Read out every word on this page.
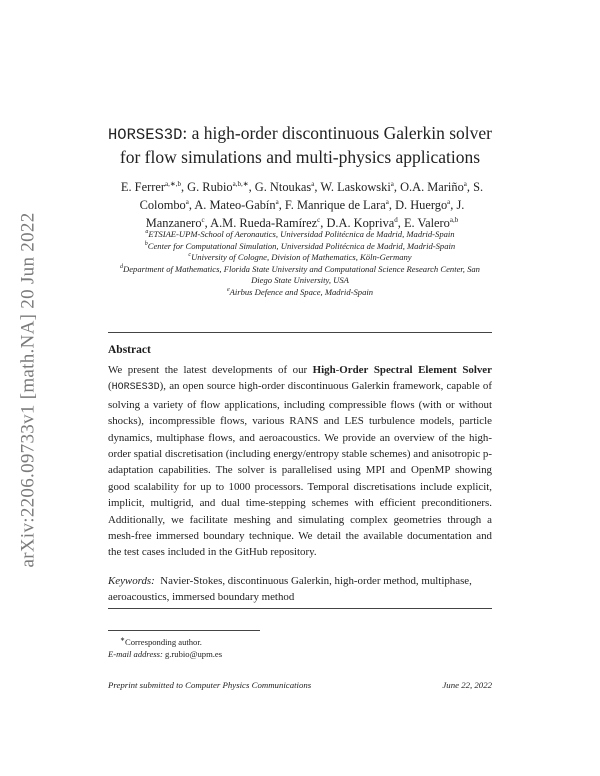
arXiv:2206.09733v1 [math.NA] 20 Jun 2022
HORSES3D: a high-order discontinuous Galerkin solver
for flow simulations and multi-physics applications
E. Ferrer$^{a,∗,b}$, G. Rubio$^{a,b,∗}$, G. Ntoukas$^a$, W. Laskowski$^a$, O.A. Mariño$^a$, S. Colombo$^a$, A. Mateo-Gabín$^a$, F. Manrique de Lara$^a$, D. Huergo$^a$, J. Manzanero$^c$, A.M. Rueda-Ramírez$^c$, D.A. Kopriva$^d$, E. Valero$^{a,b}$
$^a$ETSIAE-UPM-School of Aeronautics, Universidad Politécnica de Madrid, Madrid-Spain
$^b$Center for Computational Simulation, Universidad Politécnica de Madrid, Madrid-Spain
$^c$University of Cologne, Division of Mathematics, Köln-Germany
$^d$Department of Mathematics, Florida State University and Computational Science Research Center, San Diego State University, USA
$^e$Airbus Defence and Space, Madrid-Spain
Abstract
We present the latest developments of our High-Order Spectral Element Solver (HORSES3D), an open source high-order discontinuous Galerkin framework, capable of solving a variety of flow applications, including compressible flows (with or without shocks), incompressible flows, various RANS and LES turbulence models, particle dynamics, multiphase flows, and aeroacoustics. We provide an overview of the high-order spatial discretisation (including energy/entropy stable schemes) and anisotropic p-adaptation capabilities. The solver is parallelised using MPI and OpenMP showing good scalability for up to 1000 processors. Temporal discretisations include explicit, implicit, multigrid, and dual time-stepping schemes with efficient preconditioners. Additionally, we facilitate meshing and simulating complex geometries through a mesh-free immersed boundary technique. We detail the available documentation and the test cases included in the GitHub repository.
Keywords: Navier-Stokes, discontinuous Galerkin, high-order method, multiphase, aeroacoustics, immersed boundary method
∗Corresponding author.
E-mail address: g.rubio@upm.es
Preprint submitted to Computer Physics Communications	June 22, 2022
